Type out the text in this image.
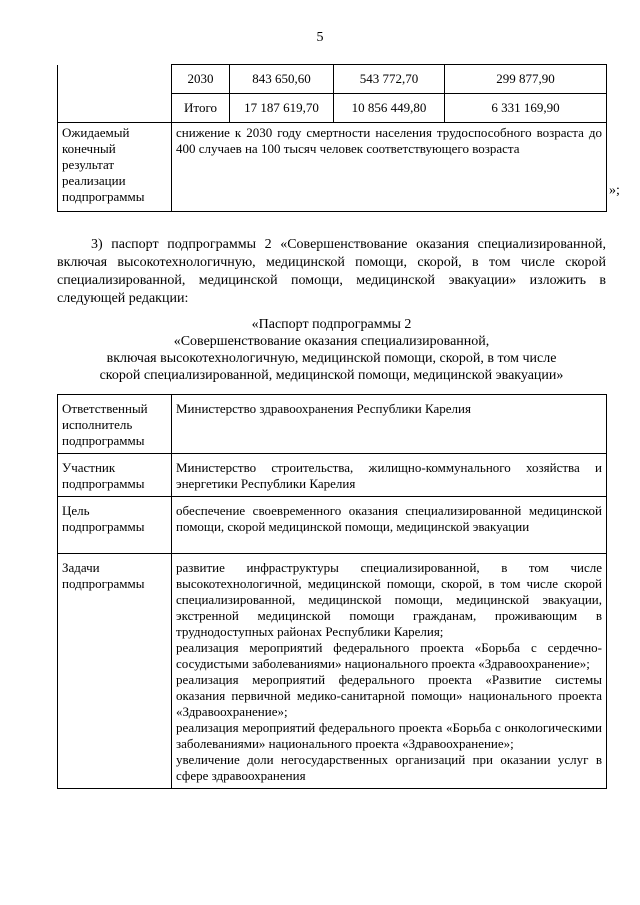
5
	2030	843 650,60	543 772,70	299 877,90
	Итого	17 187 619,70	10 856 449,80	6 331 169,90
Ожидаемый конечный результат реализации подпрограммы	снижение к 2030 году смертности населения трудоспособного возраста до 400 случаев на 100 тысяч человек соответствующего возраста			
»;
3) паспорт подпрограммы 2 «Совершенствование оказания специализированной, включая высокотехнологичную, медицинской помощи, скорой, в том числе скорой специализированной, медицинской помощи, медицинской эвакуации» изложить в следующей редакции:
«Паспорт подпрограммы 2
«Совершенствование оказания специализированной,
включая высокотехнологичную, медицинской помощи, скорой, в том числе
скорой специализированной, медицинской помощи, медицинской эвакуации»
Ответственный исполнитель подпрограммы	Министерство здравоохранения Республики Карелия
Участник подпрограммы	Министерство строительства, жилищно-коммунального хозяйства и энергетики Республики Карелия
Цель подпрограммы	обеспечение своевременного оказания специализированной медицинской помощи, скорой медицинской помощи, медицинской эвакуации
Задачи подпрограммы	развитие инфраструктуры специализированной, в том числе высокотехнологичной, медицинской помощи, скорой, в том числе скорой специализированной, медицинской помощи, медицинской эвакуации, экстренной медицинской помощи гражданам, проживающим в труднодоступных районах Республики Карелия;
реализация мероприятий федерального проекта «Борьба с сердечно-сосудистыми заболеваниями» национального проекта «Здравоохранение»;
реализация мероприятий федерального проекта «Развитие системы оказания первичной медико-санитарной помощи» национального проекта «Здравоохранение»;
реализация мероприятий федерального проекта «Борьба с онкологическими заболеваниями» национального проекта «Здравоохранение»;
увеличение доли негосударственных организаций при оказании услуг в сфере здравоохранения
